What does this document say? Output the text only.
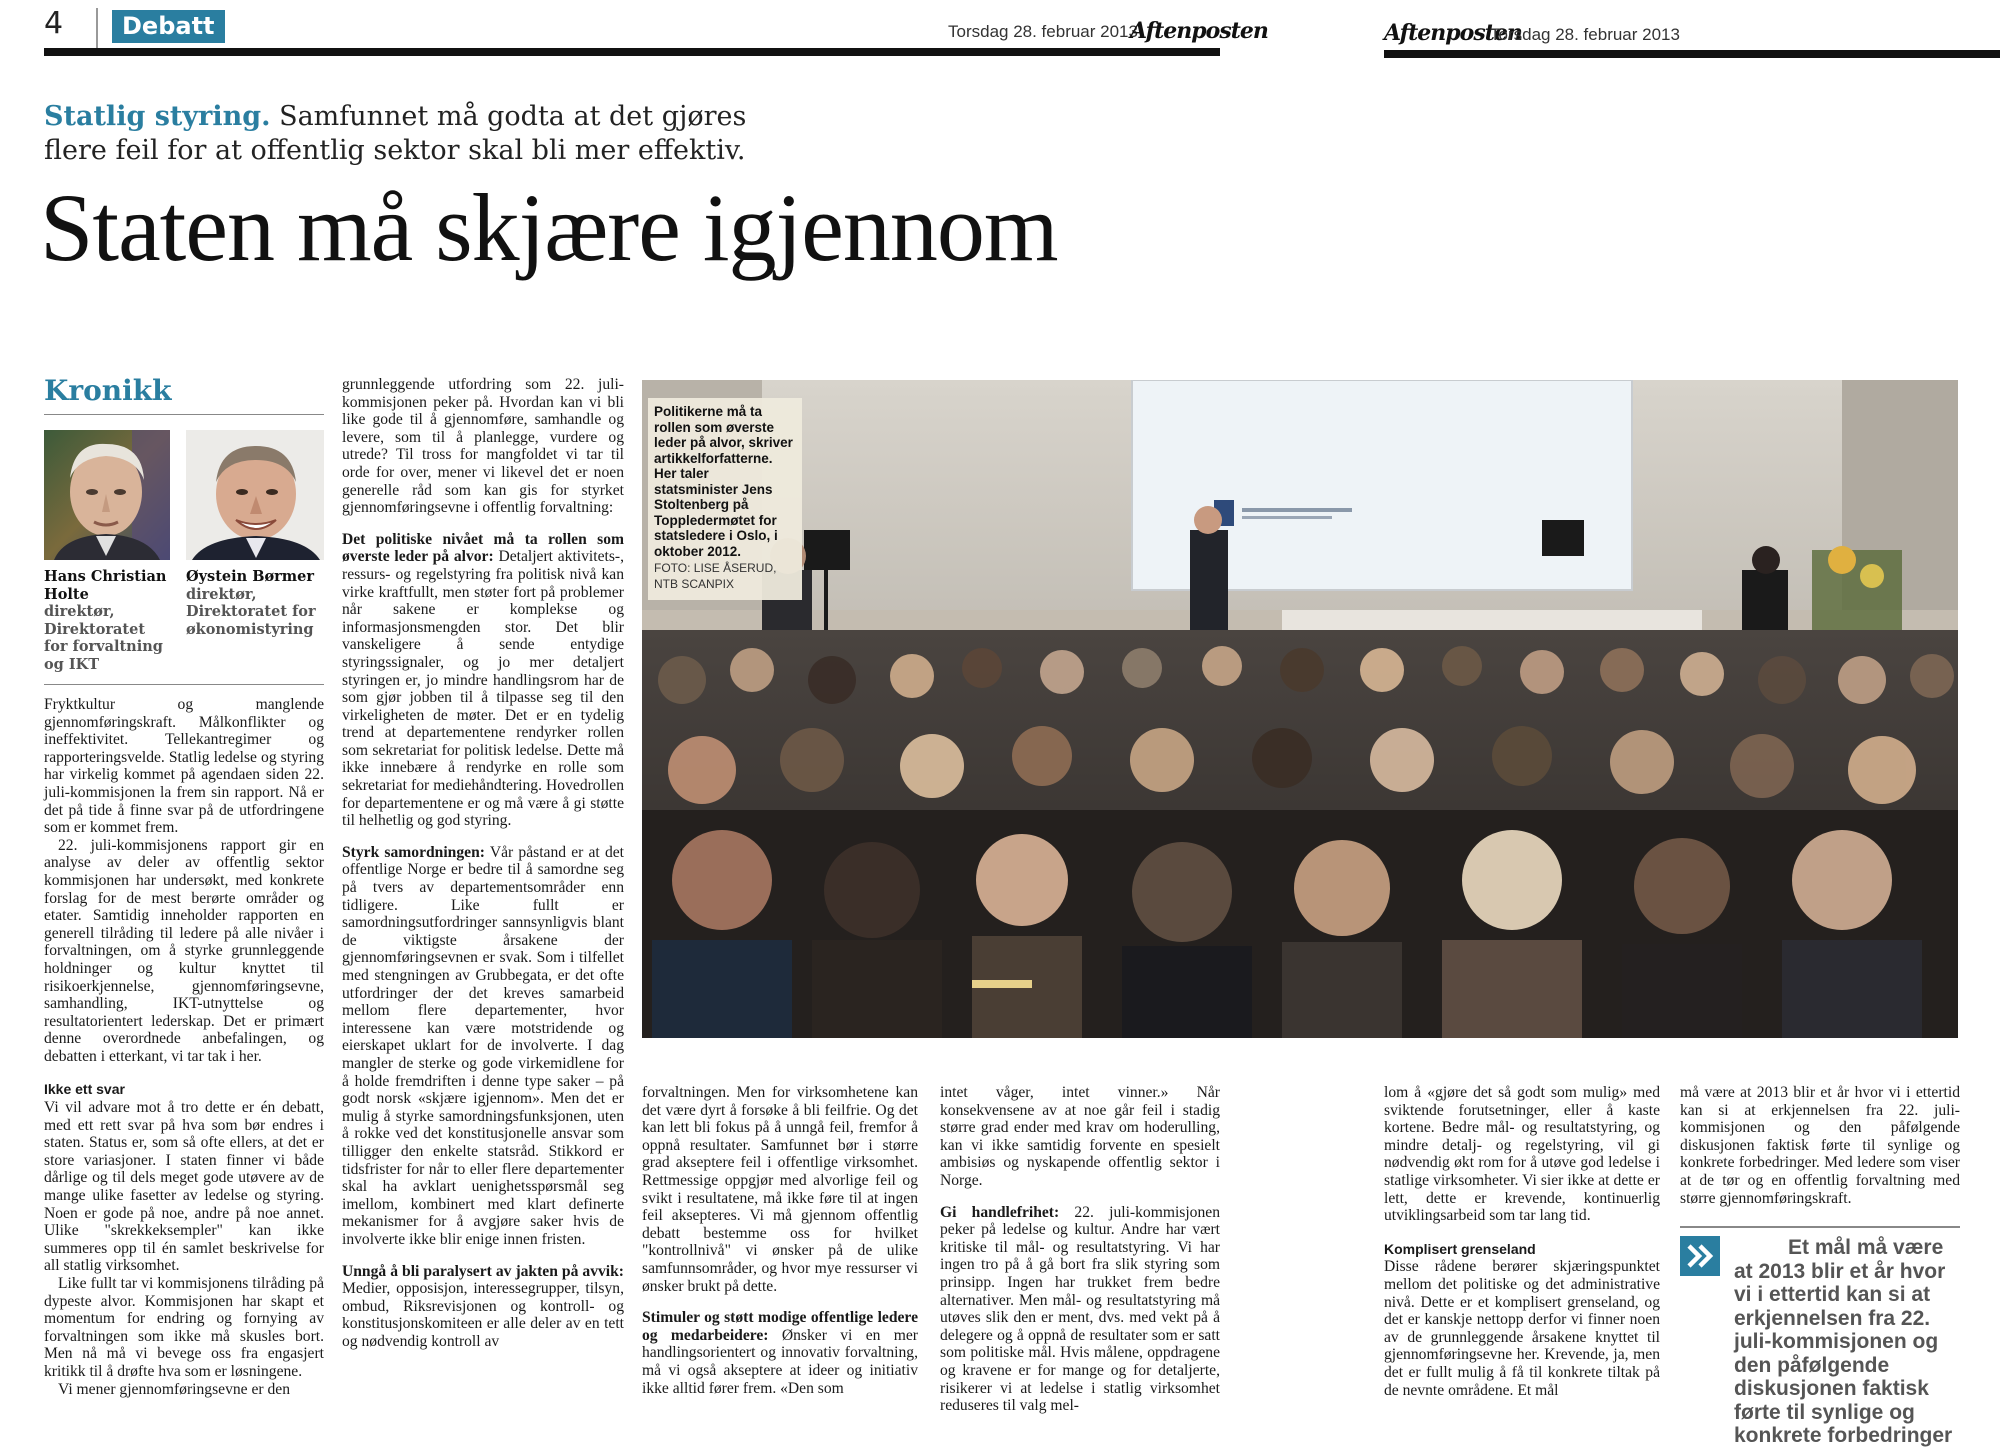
4	Debatt	Torsdag 28. februar 2013
Aftenposten	Aftenposten
Torsdag 28. februar 2013
Statlig styring. Samfunnet må godta at det gjøres
flere feil for at offentlig sektor skal bli mer effektiv.
Staten må skjære igjennom
Kronikk
Hans Christian Holte
direktør, Direktoratet for forvaltning og IKT
Øystein Børmer
direktør, Direktoratet for økonomistyring

Fryktkultur og manglende gjennomføringskraft. Målkonflikter og ineffektivitet. Tellekantregimer og rapporteringsvelde. Statlig ledelse og styring har virkelig kommet på agendaen siden 22. juli-kommisjonen la frem sin rapport. Nå er det på tide å finne svar på de utfordringene som er kommet frem.

22. juli-kommisjonens rapport gir en analyse av deler av offentlig sektor kommisjonen har undersøkt, med konkrete forslag for de mest berørte områder og etater. Samtidig inneholder rapporten en generell tilråding til ledere på alle nivåer i forvaltningen, om å styrke grunnleggende holdninger og kultur knyttet til risikoerkjennelse, gjennomføringsevne, samhandling, IKT-utnyttelse og resultatorientert lederskap. Det er primært denne overordnede anbefalingen, og debatten i etterkant, vi tar tak i her.

Ikke ett svar

Vi vil advare mot å tro dette er én debatt, med ett rett svar på hva som bør endres i staten. Status er, som så ofte ellers, at det er store variasjoner. I staten finner vi både dårlige og til dels meget gode utøvere av de mange ulike fasetter av ledelse og styring. Noen er gode på noe, andre på noe annet. Ulike "skrekkeksempler" kan ikke summeres opp til én samlet beskrivelse for all statlig virksomhet.

Like fullt tar vi kommisjonens tilråding på dypeste alvor. Kommisjonen har skapt et momentum for endring og fornying av forvaltningen som ikke må skusles bort. Men nå må vi bevege oss fra engasjert kritikk til å drøfte hva som er løsningene.

Vi mener gjennomføringsevne er den

grunnleggende utfordring som 22. juli-kommisjonen peker på. Hvordan kan vi bli like gode til å gjennomføre, samhandle og levere, som til å planlegge, vurdere og utrede? Til tross for mangfoldet vi tar til orde for over, mener vi likevel det er noen generelle råd som kan gis for styrket gjennomføringsevne i offentlig forvaltning:

Det politiske nivået må ta rollen som øverste leder på alvor: Detaljert aktivitets-, ressurs- og regelstyring fra politisk nivå kan virke kraftfullt, men støter fort på problemer når sakene er komplekse og informasjonsmengden stor. Det blir vanskeligere å sende entydige styringssignaler, og jo mer detaljert styringen er, jo mindre handlingsrom har de som gjør jobben til å tilpasse seg til den virkeligheten de møter. Det er en tydelig trend at departementene rendyrker rollen som sekretariat for politisk ledelse. Dette må ikke innebære å rendyrke en rolle som sekretariat for mediehåndtering. Hovedrollen for departementene er og må være å gi støtte til helhetlig og god styring.

Styrk samordningen: Vår påstand er at det offentlige Norge er bedre til å samordne seg på tvers av departementsområder enn tidligere. Like fullt er samordningsutfordringer sannsynligvis blant de viktigste årsakene der gjennomføringsevnen er svak. Som i tilfellet med stengningen av Grubbegata, er det ofte utfordringer der det kreves samarbeid mellom flere departementer, hvor interessene kan være motstridende og eierskapet uklart for de involverte. I dag mangler de sterke og gode virkemidlene for å holde fremdriften i denne type saker – på godt norsk «skjære igjennom». Men det er mulig å styrke samordningsfunksjonen, uten å rokke ved det konstitusjonelle ansvar som tilligger den enkelte statsråd. Stikkord er tidsfrister for når to eller flere departementer skal ha avklart uenighetsspørsmål seg imellom, kombinert med klart definerte mekanismer for å avgjøre saker hvis de involverte ikke blir enige innen fristen.

Unngå å bli paralysert av jakten på avvik: Medier, opposisjon, interessegrupper, tilsyn, ombud, Riksrevisjonen og kontroll- og konstitusjonskomiteen er alle deler av en tett og nødvendig kontroll av

Politikerne må ta rollen som øverste leder på alvor, skriver artikkelforfatterne. Her taler statsminister Jens Stoltenberg på Toppledermøtet for statsledere i Oslo, i oktober 2012.
FOTO: LISE ÅSERUD, NTB SCANPIX

forvaltningen. Men for virksomhetene kan det være dyrt å forsøke å bli feilfrie. Og det kan lett bli fokus på å unngå feil, fremfor å oppnå resultater. Samfunnet bør i større grad akseptere feil i offentlige virksomhet. Rettmessige oppgjør med alvorlige feil og svikt i resultatene, må ikke føre til at ingen feil aksepteres. Vi må gjennom offentlig debatt bestemme oss for hvilket "kontrollnivå" vi ønsker på de ulike samfunnsområder, og hvor mye ressurser vi ønsker brukt på dette.

Stimuler og støtt modige offentlige ledere og medarbeidere: Ønsker vi en mer handlingsorientert og innovativ forvaltning, må vi også akseptere at ideer og initiativ ikke alltid fører frem. «Den som

intet våger, intet vinner.» Når konsekvensene av at noe går feil i stadig større grad ender med krav om hoderulling, kan vi ikke samtidig forvente en spesielt ambisiøs og nyskapende offentlig sektor i Norge.

Gi handlefrihet: 22. juli-kommisjonen peker på ledelse og kultur. Andre har vært kritiske til mål- og resultatstyring. Vi har ingen tro på å gå bort fra slik styring som prinsipp. Ingen har trukket frem bedre alternativer. Men mål- og resultatstyring må utøves slik den er ment, dvs. med vekt på å delegere og å oppnå de resultater som er satt som politiske mål. Hvis målene, oppdragene og kravene er for mange og for detaljerte, risikerer vi at ledelse i statlig virksomhet reduseres til valg mel-

lom å «gjøre det så godt som mulig» med sviktende forutsetninger, eller å kaste kortene. Bedre mål- og resultatstyring, og mindre detalj- og regelstyring, vil gi nødvendig økt rom for å utøve god ledelse i statlige virksomheter. Vi sier ikke at dette er lett, dette er krevende, kontinuerlig utviklingsarbeid som tar lang tid.

Komplisert grenseland

Disse rådene berører skjæringspunktet mellom det politiske og det administrative nivå. Dette er et komplisert grenseland, og det er kanskje nettopp derfor vi finner noen av de grunnleggende årsakene knyttet til gjennomføringsevne her. Krevende, ja, men det er fullt mulig å få til konkrete tiltak på de nevnte områdene. Et mål

må være at 2013 blir et år hvor vi i ettertid kan si at erkjennelsen fra 22. juli-kommisjonen og den påfølgende diskusjonen faktisk førte til synlige og konkrete forbedringer. Med ledere som viser at de tør og en offentlig forvaltning med større gjennomføringskraft.

Et mål må være at 2013 blir et år hvor vi i ettertid kan si at erkjennelsen fra 22. juli-kommisjonen og den påfølgende diskusjonen faktisk førte til synlige og konkrete forbedringer
